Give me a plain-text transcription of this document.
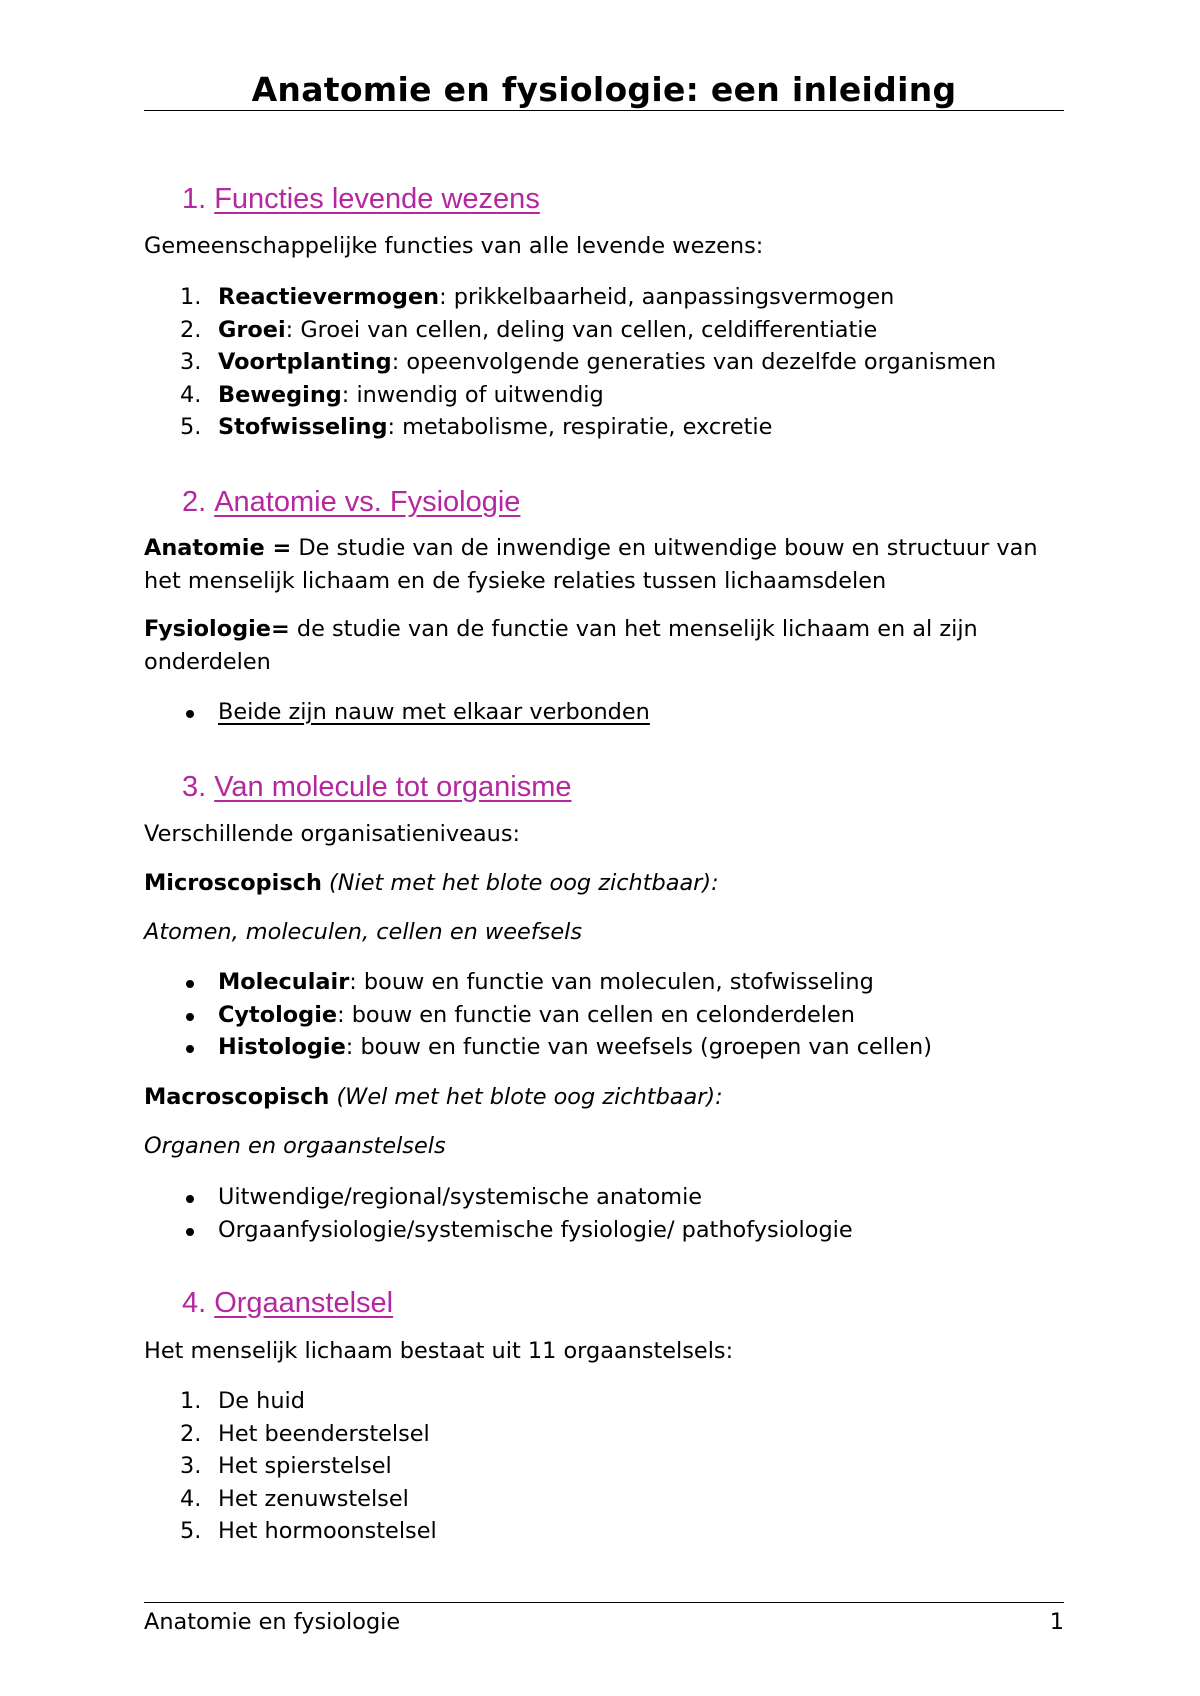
Anatomie en fysiologie: een inleiding
1. Functies levende wezens
Gemeenschappelijke functies van alle levende wezens:
1. Reactievermogen: prikkelbaarheid, aanpassingsvermogen
2. Groei: Groei van cellen, deling van cellen, celdifferentiatie
3. Voortplanting: opeenvolgende generaties van dezelfde organismen
4. Beweging: inwendig of uitwendig
5. Stofwisseling: metabolisme, respiratie, excretie
2. Anatomie vs. Fysiologie
Anatomie = De studie van de inwendige en uitwendige bouw en structuur van het menselijk lichaam en de fysieke relaties tussen lichaamsdelen
Fysiologie= de studie van de functie van het menselijk lichaam en al zijn onderdelen
Beide zijn nauw met elkaar verbonden
3. Van molecule tot organisme
Verschillende organisatieniveaus:
Microscopisch (Niet met het blote oog zichtbaar):
Atomen, moleculen, cellen en weefsels
Moleculair: bouw en functie van moleculen, stofwisseling
Cytologie: bouw en functie van cellen en celonderdelen
Histologie: bouw en functie van weefsels (groepen van cellen)
Macroscopisch (Wel met het blote oog zichtbaar):
Organen en orgaanstelsels
Uitwendige/regional/systemische anatomie
Orgaanfysiologie/systemische fysiologie/ pathofysiologie
4. Orgaanstelsel
Het menselijk lichaam bestaat uit 11 orgaanstelsels:
1. De huid
2. Het beenderstelsel
3. Het spierstelsel
4. Het zenuwstelsel
5. Het hormoonstelsel
Anatomie en fysiologie	1
